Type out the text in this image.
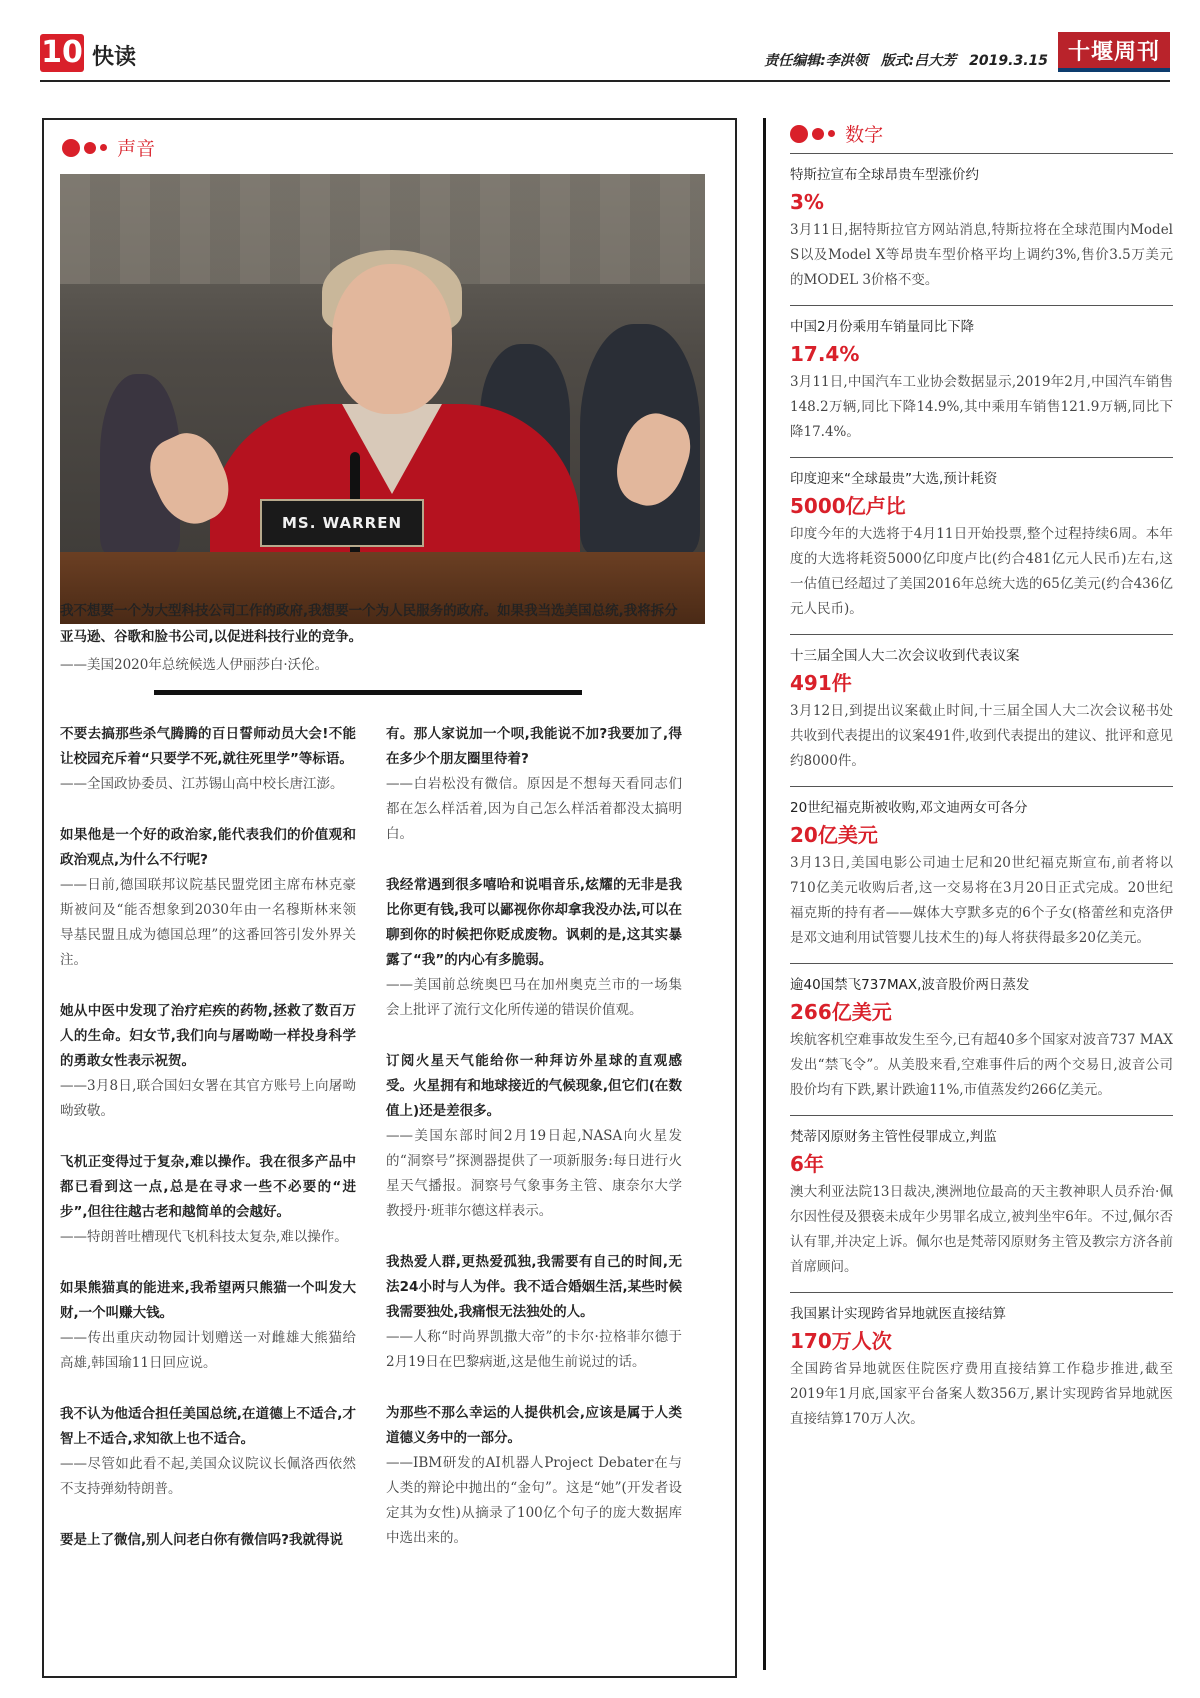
10 快读	责任编辑:李洪领 版式:吕大芳 2019.3.15 十堰周刊
声音
MS. WARREN
我不想要一个为大型科技公司工作的政府,我想要一个为人民服务的政府。如果我当选美国总统,我将拆分亚马逊、谷歌和脸书公司,以促进科技行业的竞争。
——美国2020年总统候选人伊丽莎白·沃伦。
不要去搞那些杀气腾腾的百日誓师动员大会!不能让校园充斥着“只要学不死,就往死里学”等标语。
——全国政协委员、江苏锡山高中校长唐江澎。
如果他是一个好的政治家,能代表我们的价值观和政治观点,为什么不行呢?
——日前,德国联邦议院基民盟党团主席布林克豪斯被问及“能否想象到2030年由一名穆斯林来领导基民盟且成为德国总理”的这番回答引发外界关注。
她从中医中发现了治疗疟疾的药物,拯救了数百万人的生命。妇女节,我们向与屠呦呦一样投身科学的勇敢女性表示祝贺。
——3月8日,联合国妇女署在其官方账号上向屠呦呦致敬。
飞机正变得过于复杂,难以操作。我在很多产品中都已看到这一点,总是在寻求一些不必要的“进步”,但往往越古老和越简单的会越好。
——特朗普吐槽现代飞机科技太复杂,难以操作。
如果熊猫真的能进来,我希望两只熊猫一个叫发大财,一个叫赚大钱。
——传出重庆动物园计划赠送一对雌雄大熊猫给高雄,韩国瑜11日回应说。
我不认为他适合担任美国总统,在道德上不适合,才智上不适合,求知欲上也不适合。
——尽管如此看不起,美国众议院议长佩洛西依然不支持弹劾特朗普。
要是上了微信,别人问老白你有微信吗?我就得说
有。那人家说加一个呗,我能说不加?我要加了,得在多少个朋友圈里待着?
——白岩松没有微信。原因是不想每天看同志们都在怎么样活着,因为自己怎么样活着都没太搞明白。
我经常遇到很多嘻哈和说唱音乐,炫耀的无非是我比你更有钱,我可以鄙视你你却拿我没办法,可以在聊到你的时候把你贬成废物。讽刺的是,这其实暴露了“我”的内心有多脆弱。
——美国前总统奥巴马在加州奥克兰市的一场集会上批评了流行文化所传递的错误价值观。
订阅火星天气能给你一种拜访外星球的直观感受。火星拥有和地球接近的气候现象,但它们(在数值上)还是差很多。
——美国东部时间2月19日起,NASA向火星发的“洞察号”探测器提供了一项新服务:每日进行火星天气播报。洞察号气象事务主管、康奈尔大学教授丹·班菲尔德这样表示。
我热爱人群,更热爱孤独,我需要有自己的时间,无法24小时与人为伴。我不适合婚姻生活,某些时候我需要独处,我痛恨无法独处的人。
——人称“时尚界凯撒大帝”的卡尔·拉格菲尔德于2月19日在巴黎病逝,这是他生前说过的话。
为那些不那么幸运的人提供机会,应该是属于人类道德义务中的一部分。
——IBM研发的AI机器人Project Debater在与人类的辩论中抛出的“金句”。这是“她”(开发者设定其为女性)从摘录了100亿个句子的庞大数据库中选出来的。
数字
特斯拉宣布全球昂贵车型涨价约
3%
3月11日,据特斯拉官方网站消息,特斯拉将在全球范围内Model S以及Model X等昂贵车型价格平均上调约3%,售价3.5万美元的MODEL 3价格不变。
中国2月份乘用车销量同比下降
17.4%
3月11日,中国汽车工业协会数据显示,2019年2月,中国汽车销售148.2万辆,同比下降14.9%,其中乘用车销售121.9万辆,同比下降17.4%。
印度迎来“全球最贵”大选,预计耗资
5000亿卢比
印度今年的大选将于4月11日开始投票,整个过程持续6周。本年度的大选将耗资5000亿印度卢比(约合481亿元人民币)左右,这一估值已经超过了美国2016年总统大选的65亿美元(约合436亿元人民币)。
十三届全国人大二次会议收到代表议案
491件
3月12日,到提出议案截止时间,十三届全国人大二次会议秘书处共收到代表提出的议案491件,收到代表提出的建议、批评和意见约8000件。
20世纪福克斯被收购,邓文迪两女可各分
20亿美元
3月13日,美国电影公司迪士尼和20世纪福克斯宣布,前者将以710亿美元收购后者,这一交易将在3月20日正式完成。20世纪福克斯的持有者——媒体大亨默多克的6个子女(格蕾丝和克洛伊是邓文迪利用试管婴儿技术生的)每人将获得最多20亿美元。
逾40国禁飞737MAX,波音股价两日蒸发
266亿美元
埃航客机空难事故发生至今,已有超40多个国家对波音737 MAX发出“禁飞令”。从美股来看,空难事件后的两个交易日,波音公司股价均有下跌,累计跌逾11%,市值蒸发约266亿美元。
梵蒂冈原财务主管性侵罪成立,判监
6年
澳大利亚法院13日裁决,澳洲地位最高的天主教神职人员乔治·佩尔因性侵及猥亵未成年少男罪名成立,被判坐牢6年。不过,佩尔否认有罪,并决定上诉。佩尔也是梵蒂冈原财务主管及教宗方济各前首席顾问。
我国累计实现跨省异地就医直接结算
170万人次
全国跨省异地就医住院医疗费用直接结算工作稳步推进,截至2019年1月底,国家平台备案人数356万,累计实现跨省异地就医直接结算170万人次。
